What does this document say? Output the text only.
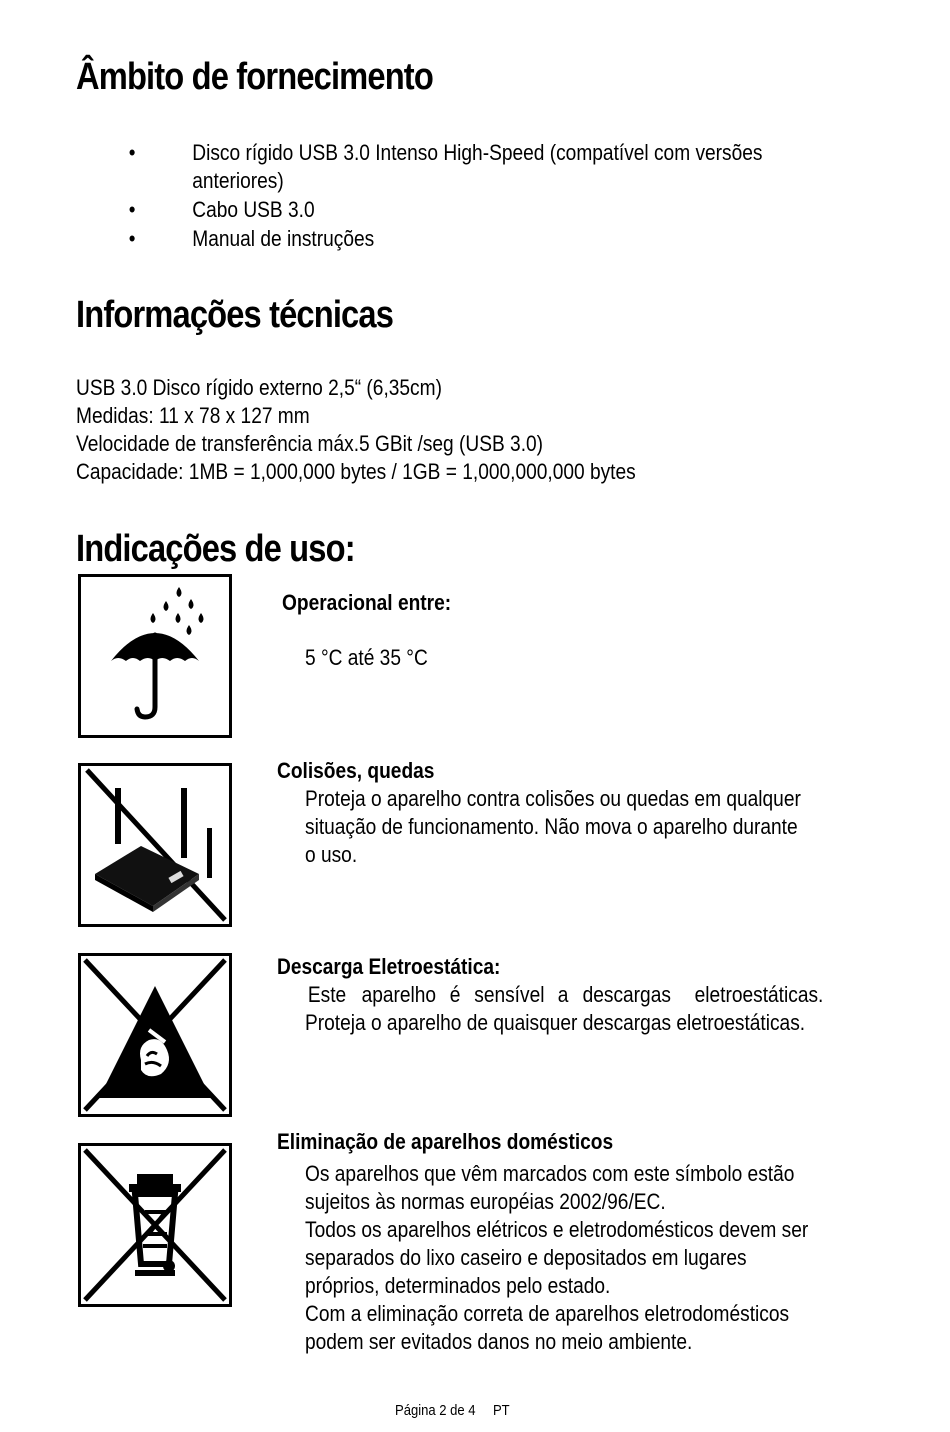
Âmbito de fornecimento
•	Disco rígido USB 3.0 Intenso High-Speed (compatível com versões
anteriores)
•	Cabo USB 3.0
•	Manual de instruções
Informações técnicas
USB 3.0 Disco rígido externo 2,5“ (6,35cm)
Medidas: 11 x 78 x 127 mm
Velocidade de transferência máx.5 GBit /seg (USB 3.0)
Capacidade: 1MB = 1,000,000 bytes / 1GB = 1,000,000,000 bytes
Indicações de uso:
Operacional entre:
5 °C até 35 °C
Colisões, quedas
Proteja o aparelho contra colisões ou quedas em qualquer
situação de funcionamento. Não mova o aparelho durante
o uso.
Descarga Eletroestática:
Este aparelho é sensível a descargas eletroestáticas.
Proteja o aparelho de quaisquer descargas eletroestáticas.
Eliminação de aparelhos domésticos
Os aparelhos que vêm marcados com este símbolo estão
sujeitos às normas européias 2002/96/EC.
Todos os aparelhos elétricos e eletrodomésticos devem ser
separados do lixo caseiro e depositados em lugares
próprios, determinados pelo estado.
Com a eliminação correta de aparelhos eletrodomésticos
podem ser evitados danos no meio ambiente.
Página 2 de 4 PT
